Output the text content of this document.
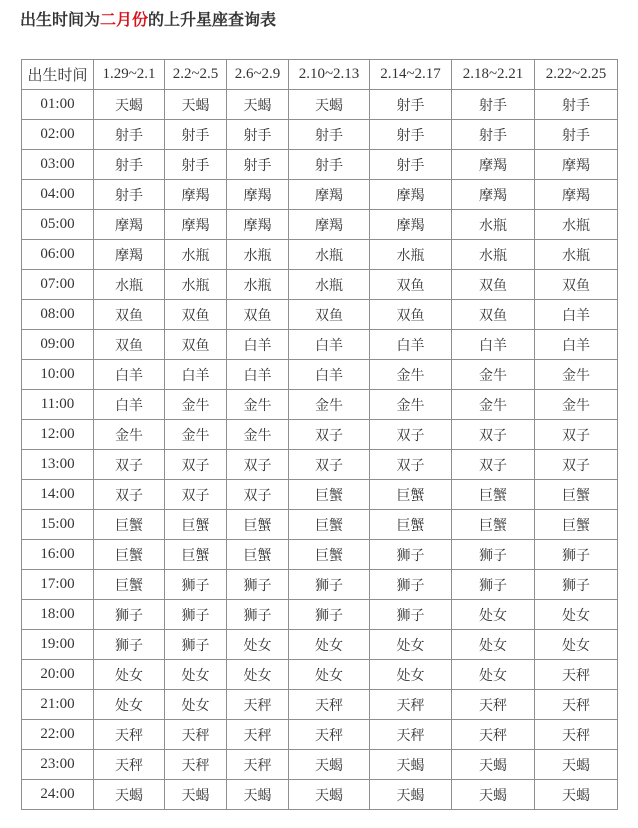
出生时间为二月份的上升星座查询表
出生时间	1.29~2.1	2.2~2.5	2.6~2.9	2.10~2.13	2.14~2.17	2.18~2.21	2.22~2.25
01:00	天蝎	天蝎	天蝎	天蝎	射手	射手	射手
02:00	射手	射手	射手	射手	射手	射手	射手
03:00	射手	射手	射手	射手	射手	摩羯	摩羯
04:00	射手	摩羯	摩羯	摩羯	摩羯	摩羯	摩羯
05:00	摩羯	摩羯	摩羯	摩羯	摩羯	水瓶	水瓶
06:00	摩羯	水瓶	水瓶	水瓶	水瓶	水瓶	水瓶
07:00	水瓶	水瓶	水瓶	水瓶	双鱼	双鱼	双鱼
08:00	双鱼	双鱼	双鱼	双鱼	双鱼	双鱼	白羊
09:00	双鱼	双鱼	白羊	白羊	白羊	白羊	白羊
10:00	白羊	白羊	白羊	白羊	金牛	金牛	金牛
11:00	白羊	金牛	金牛	金牛	金牛	金牛	金牛
12:00	金牛	金牛	金牛	双子	双子	双子	双子
13:00	双子	双子	双子	双子	双子	双子	双子
14:00	双子	双子	双子	巨蟹	巨蟹	巨蟹	巨蟹
15:00	巨蟹	巨蟹	巨蟹	巨蟹	巨蟹	巨蟹	巨蟹
16:00	巨蟹	巨蟹	巨蟹	巨蟹	狮子	狮子	狮子
17:00	巨蟹	狮子	狮子	狮子	狮子	狮子	狮子
18:00	狮子	狮子	狮子	狮子	狮子	处女	处女
19:00	狮子	狮子	处女	处女	处女	处女	处女
20:00	处女	处女	处女	处女	处女	处女	天秤
21:00	处女	处女	天秤	天秤	天秤	天秤	天秤
22:00	天秤	天秤	天秤	天秤	天秤	天秤	天秤
23:00	天秤	天秤	天秤	天蝎	天蝎	天蝎	天蝎
24:00	天蝎	天蝎	天蝎	天蝎	天蝎	天蝎	天蝎
